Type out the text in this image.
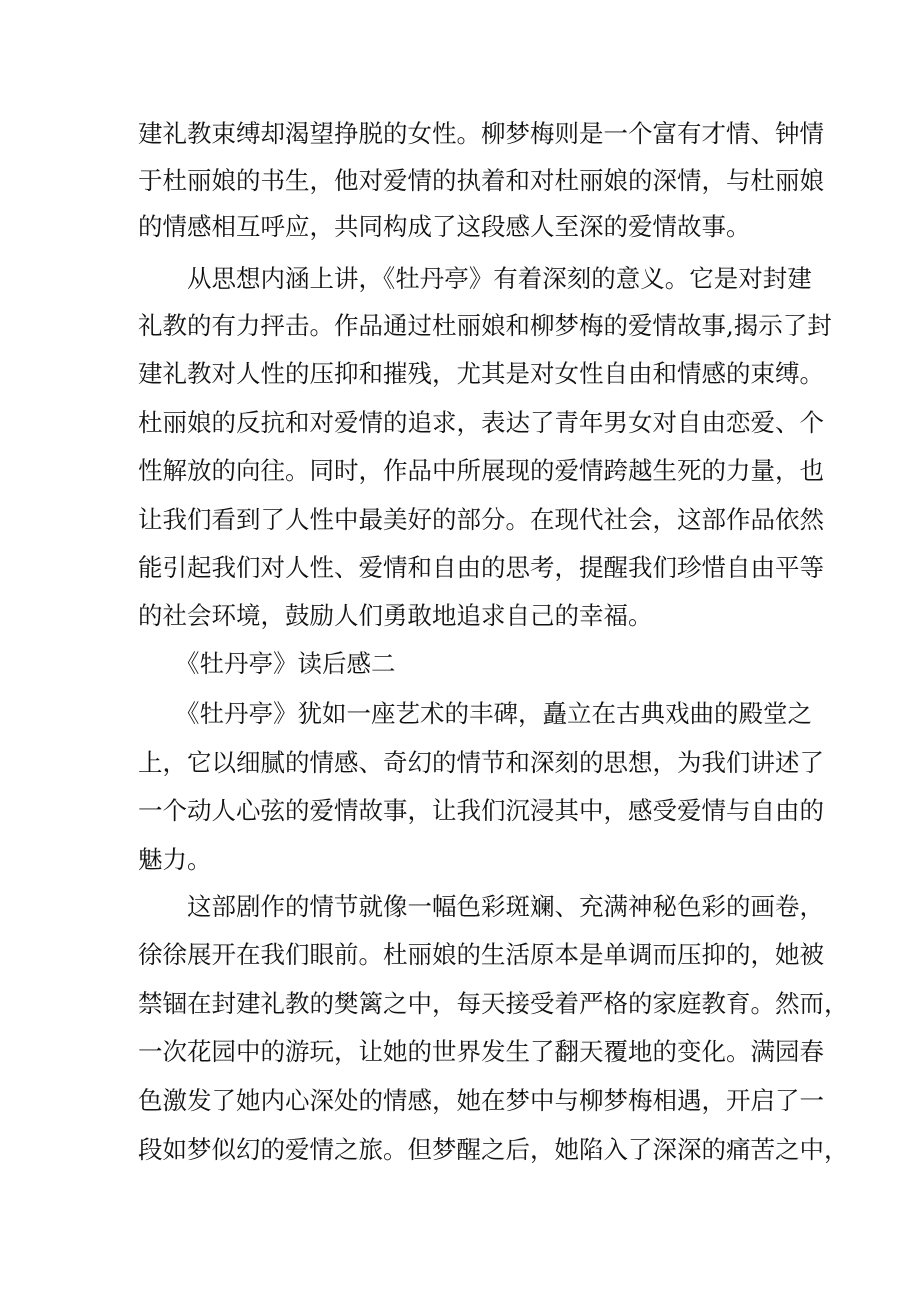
建礼教束缚却渴望挣脱的女性。柳梦梅则是一个富有才情、钟情
于杜丽娘的书生，他对爱情的执着和对杜丽娘的深情，与杜丽娘
的情感相互呼应，共同构成了这段感人至深的爱情故事。
从思想内涵上讲，《牡丹亭》有着深刻的意义。它是对封建
礼教的有力抨击。作品通过杜丽娘和柳梦梅的爱情故事,揭示了封
建礼教对人性的压抑和摧残，尤其是对女性自由和情感的束缚。
杜丽娘的反抗和对爱情的追求，表达了青年男女对自由恋爱、个
性解放的向往。同时，作品中所展现的爱情跨越生死的力量，也
让我们看到了人性中最美好的部分。在现代社会，这部作品依然
能引起我们对人性、爱情和自由的思考，提醒我们珍惜自由平等
的社会环境，鼓励人们勇敢地追求自己的幸福。
《牡丹亭》读后感二
《牡丹亭》犹如一座艺术的丰碑，矗立在古典戏曲的殿堂之
上，它以细腻的情感、奇幻的情节和深刻的思想，为我们讲述了
一个动人心弦的爱情故事，让我们沉浸其中，感受爱情与自由的
魅力。
这部剧作的情节就像一幅色彩斑斓、充满神秘色彩的画卷，
徐徐展开在我们眼前。杜丽娘的生活原本是单调而压抑的，她被
禁锢在封建礼教的樊篱之中，每天接受着严格的家庭教育。然而，
一次花园中的游玩，让她的世界发生了翻天覆地的变化。满园春
色激发了她内心深处的情感，她在梦中与柳梦梅相遇，开启了一
段如梦似幻的爱情之旅。但梦醒之后，她陷入了深深的痛苦之中，
